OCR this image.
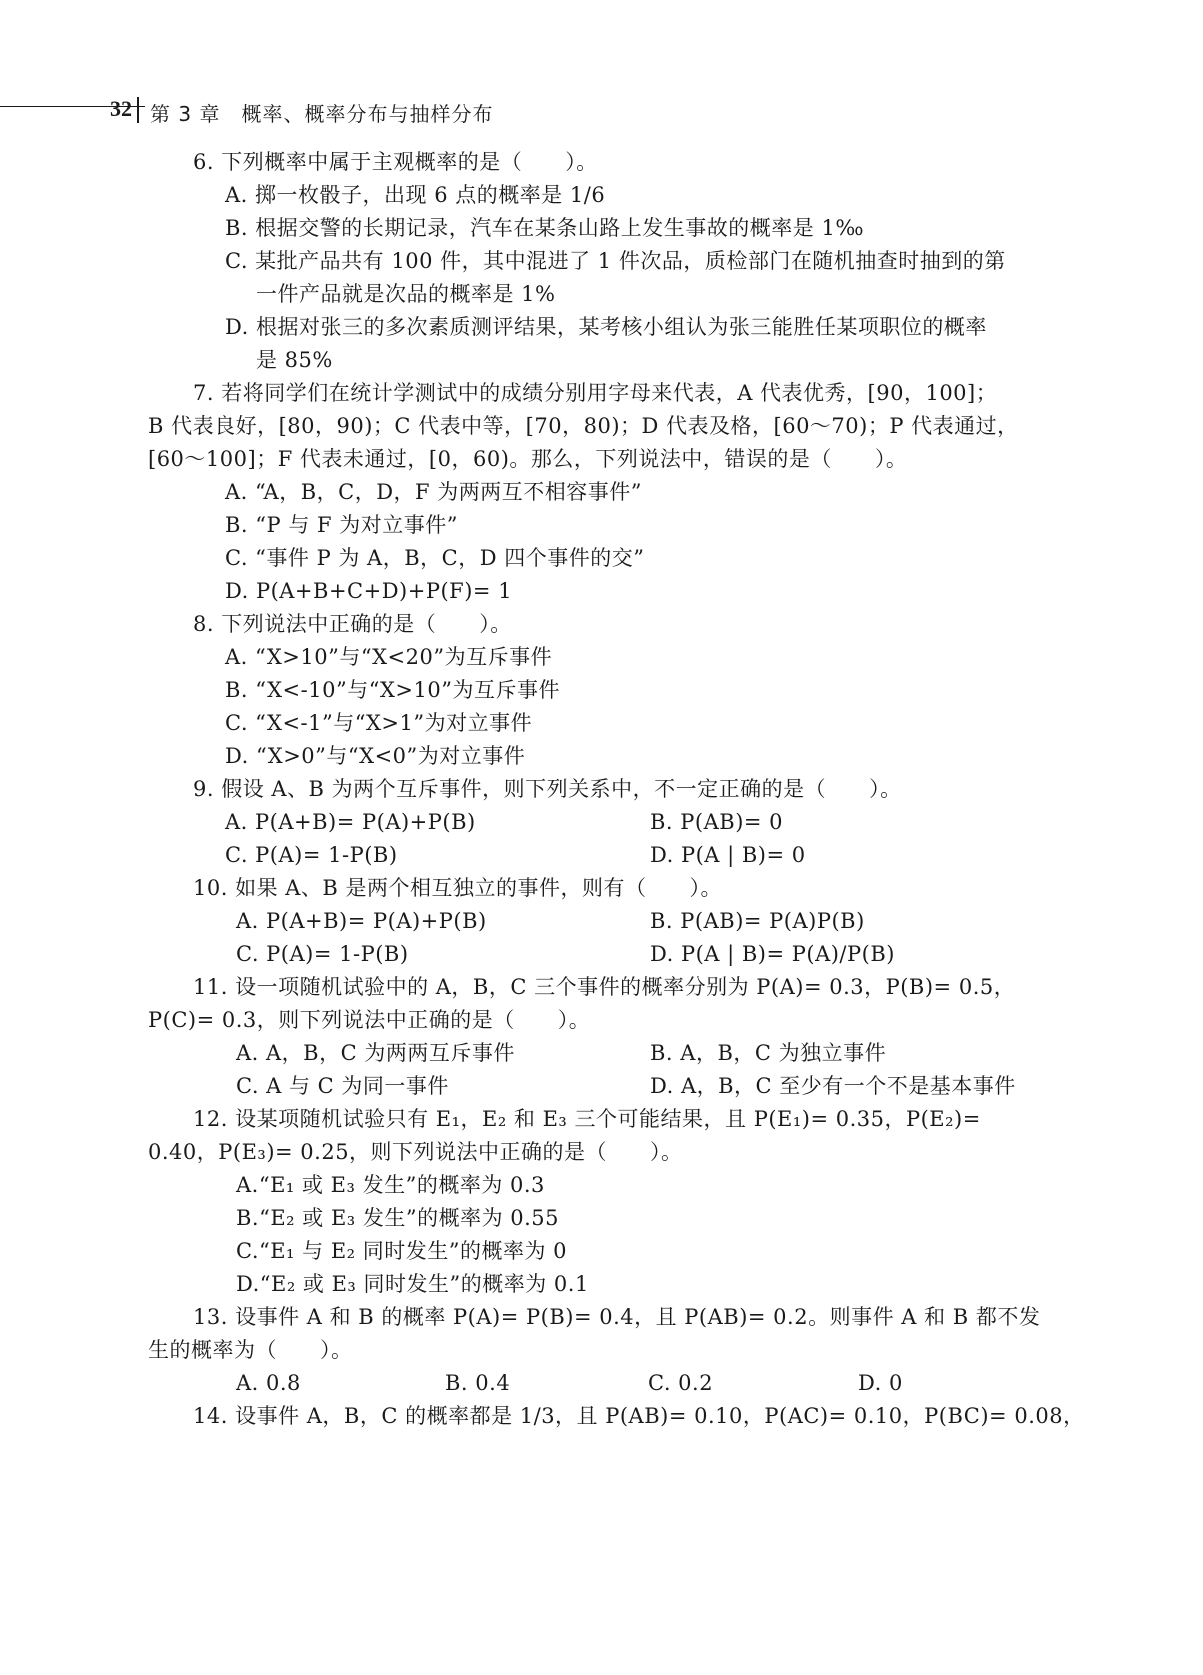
32 第 3 章　概率、概率分布与抽样分布
6. 下列概率中属于主观概率的是（　　）。
A. 掷一枚骰子，出现 6 点的概率是 1/6
B. 根据交警的长期记录，汽车在某条山路上发生事故的概率是 1‰
C. 某批产品共有 100 件，其中混进了 1 件次品，质检部门在随机抽查时抽到的第
一件产品就是次品的概率是 1%
D. 根据对张三的多次素质测评结果，某考核小组认为张三能胜任某项职位的概率
是 85%
7. 若将同学们在统计学测试中的成绩分别用字母来代表，A 代表优秀，[90，100]；
B 代表良好，[80，90)；C 代表中等，[70，80)；D 代表及格，[60～70)；P 代表通过，
[60～100]；F 代表未通过，[0，60)。那么，下列说法中，错误的是（　　）。
A. “A，B，C，D，F 为两两互不相容事件”
B. “P 与 F 为对立事件”
C. “事件 P 为 A，B，C，D 四个事件的交”
D. P(A+B+C+D)+P(F)= 1
8. 下列说法中正确的是（　　）。
A. “X>10”与“X<20”为互斥事件
B. “X<-10”与“X>10”为互斥事件
C. “X<-1”与“X>1”为对立事件
D. “X>0”与“X<0”为对立事件
9. 假设 A、B 为两个互斥事件，则下列关系中，不一定正确的是（　　）。
A. P(A+B)= P(A)+P(B)	B. P(AB)= 0
C. P(A)= 1-P(B)	D. P(A | B)= 0
10. 如果 A、B 是两个相互独立的事件，则有（　　）。
A. P(A+B)= P(A)+P(B)	B. P(AB)= P(A)P(B)
C. P(A)= 1-P(B)	D. P(A | B)= P(A)/P(B)
11. 设一项随机试验中的 A，B，C 三个事件的概率分别为 P(A)= 0.3，P(B)= 0.5，
P(C)= 0.3，则下列说法中正确的是（　　）。
A. A，B，C 为两两互斥事件	B. A，B，C 为独立事件
C. A 与 C 为同一事件	D. A，B，C 至少有一个不是基本事件
12. 设某项随机试验只有 E₁，E₂ 和 E₃ 三个可能结果，且 P(E₁)= 0.35，P(E₂)=
0.40，P(E₃)= 0.25，则下列说法中正确的是（　　）。
A.“E₁ 或 E₃ 发生”的概率为 0.3
B.“E₂ 或 E₃ 发生”的概率为 0.55
C.“E₁ 与 E₂ 同时发生”的概率为 0
D.“E₂ 或 E₃ 同时发生”的概率为 0.1
13. 设事件 A 和 B 的概率 P(A)= P(B)= 0.4，且 P(AB)= 0.2。则事件 A 和 B 都不发
生的概率为（　　）。
A. 0.8	B. 0.4	C. 0.2	D. 0
14. 设事件 A，B，C 的概率都是 1/3，且 P(AB)= 0.10，P(AC)= 0.10，P(BC)= 0.08，
